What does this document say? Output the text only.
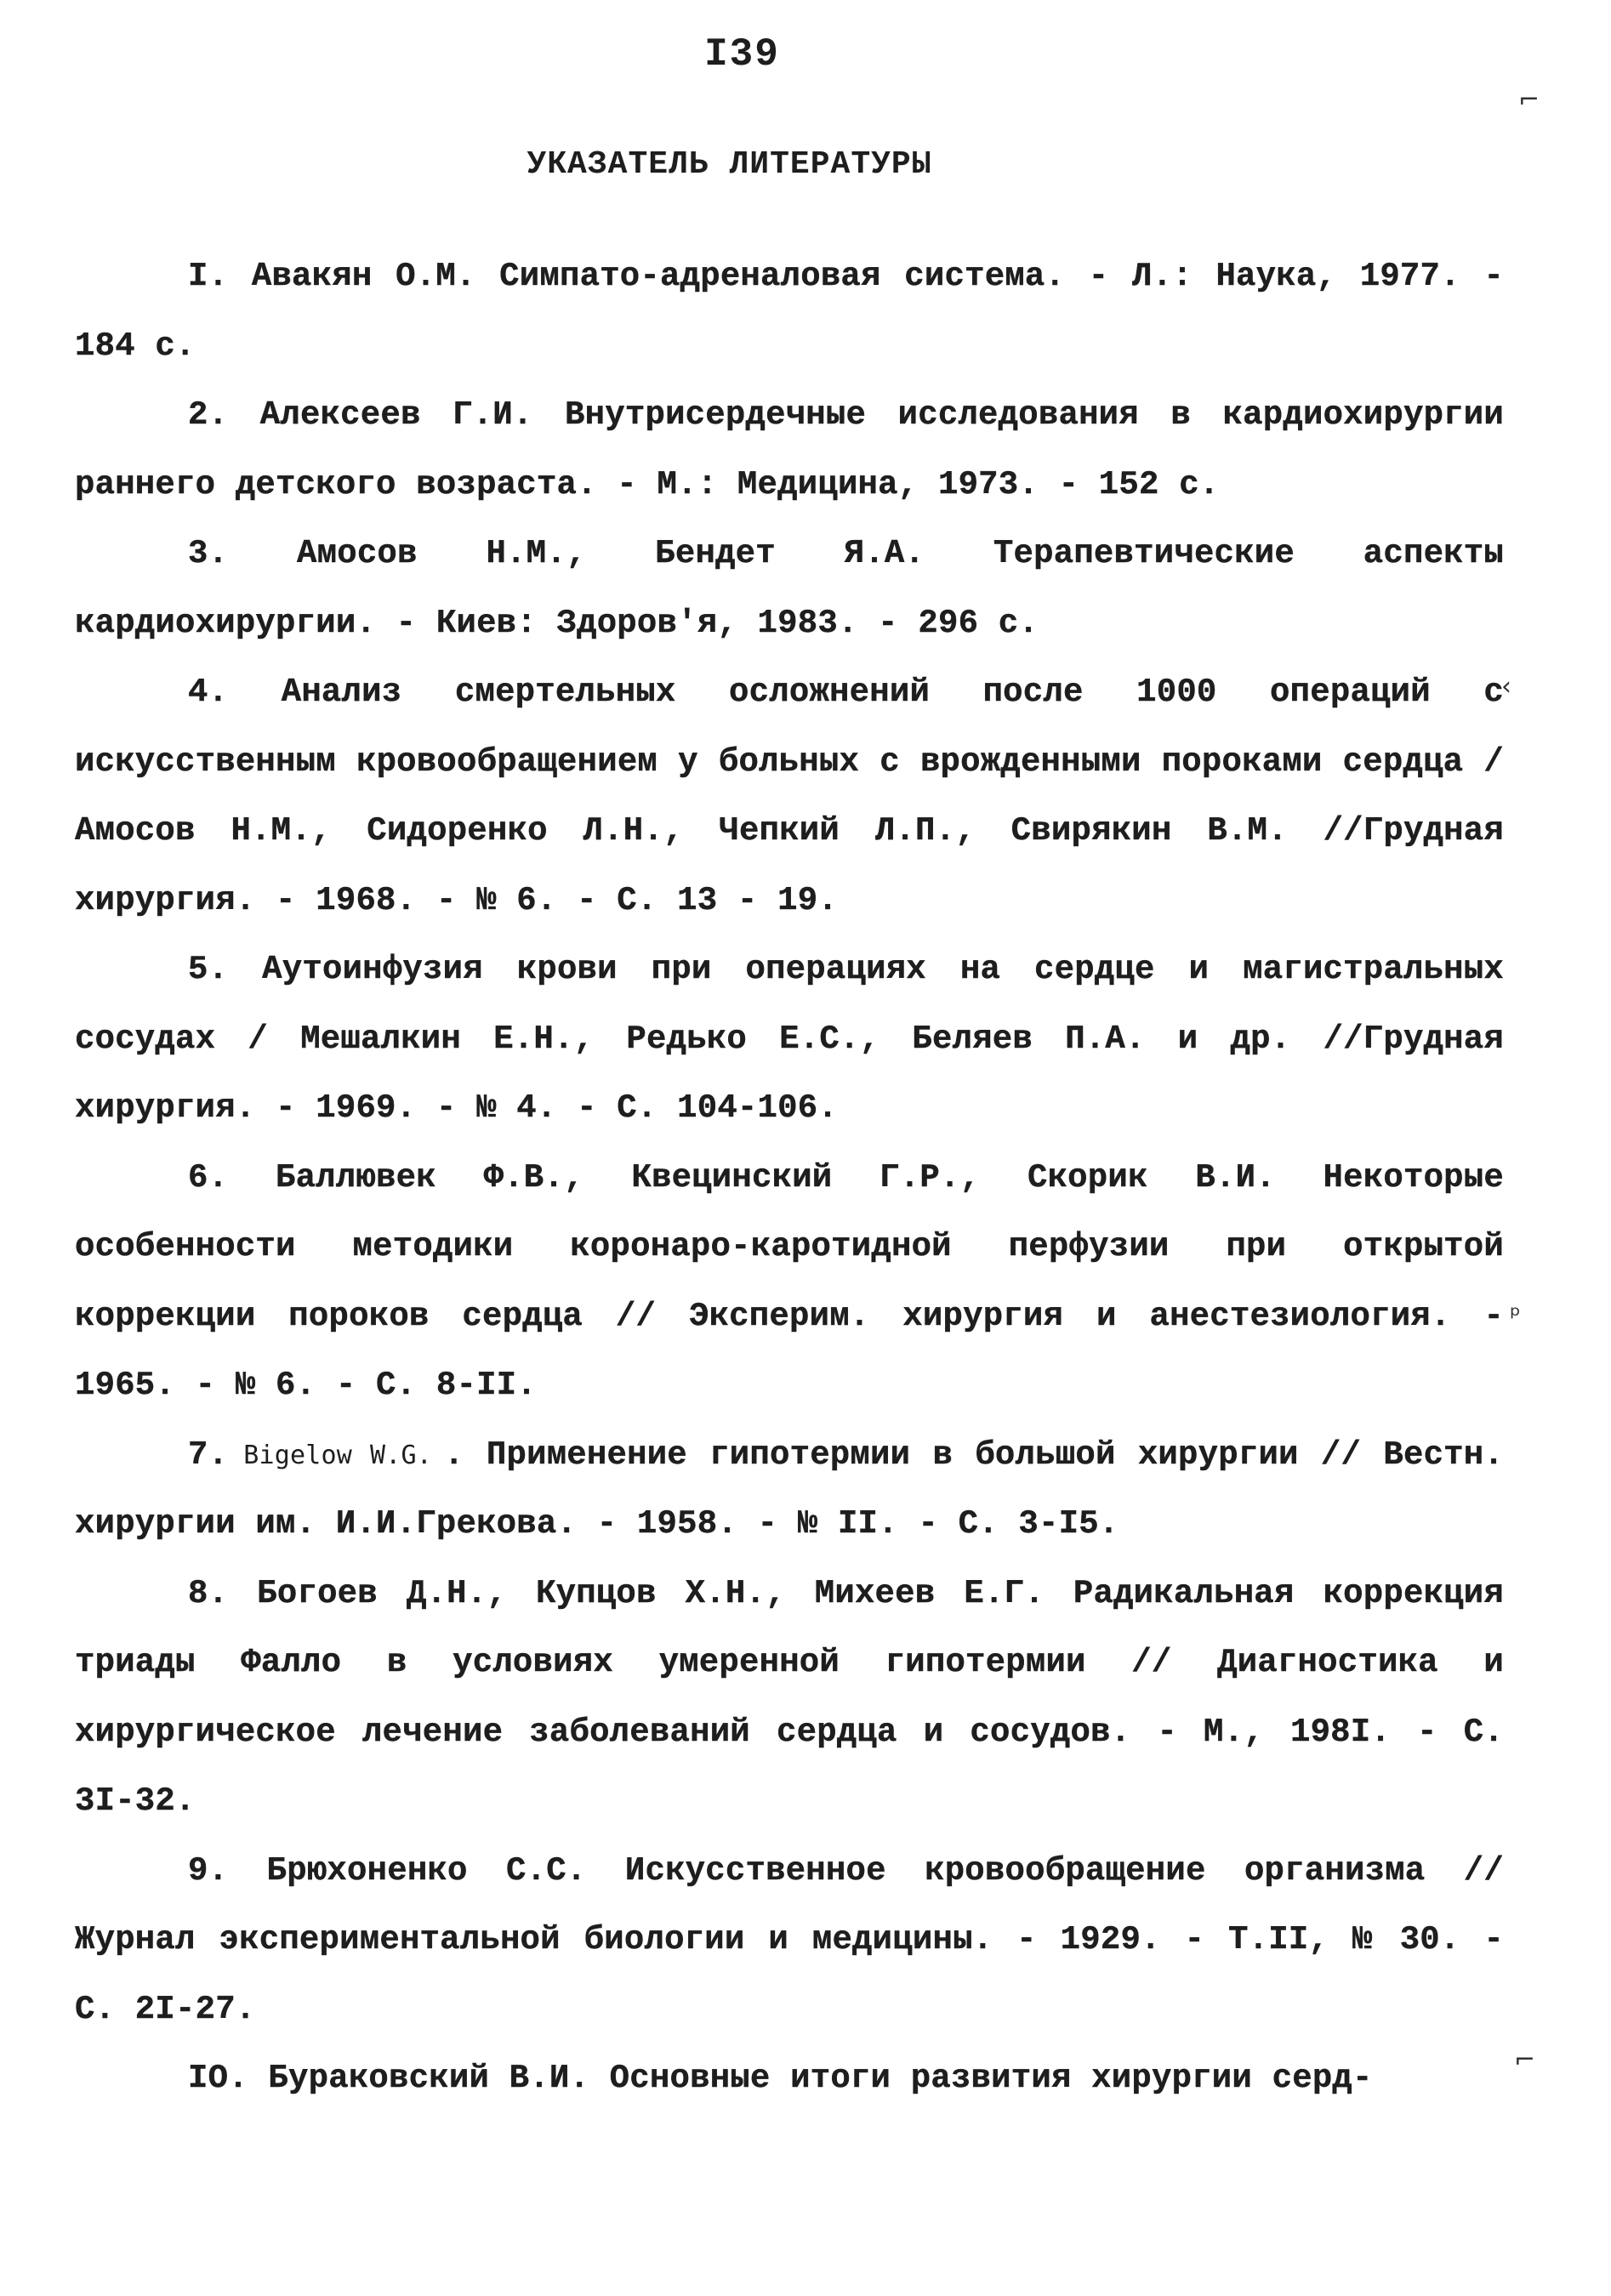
I39
УКАЗАТЕЛЬ ЛИТЕРАТУРЫ

I. Авакян О.М. Симпато-адреналовая система. - Л.: Наука, 1977. - 184 с.

2. Алексеев Г.И. Внутрисердечные исследования в кардиохирургии раннего детского возраста. - М.: Медицина, 1973. - 152 с.

3. Амосов Н.М., Бендет Я.А. Терапевтические аспекты кардиохирургии. - Киев: Здоров'я, 1983. - 296 с.

4. Анализ смертельных осложнений после 1000 операций с искусственным кровообращением у больных с врожденными пороками сердца / Амосов Н.М., Сидоренко Л.Н., Чепкий Л.П., Свирякин В.М. //Грудная хирургия. - 1968. - № 6. - С. 13 - 19.

5. Аутоинфузия крови при операциях на сердце и магистральных сосудах / Мешалкин Е.Н., Редько Е.С., Беляев П.А. и др. //Грудная хирургия. - 1969. - № 4. - С. 104-106.

6. Баллювек Ф.В., Квецинский Г.Р., Скорик В.И. Некоторые особенности методики коронаро-каротидной перфузии при открытой коррекции пороков сердца // Эксперим. хирургия и анестезиология. - 1965. - № 6. - С. 8-II.

7. Bigelow W.G. . Применение гипотермии в большой хирургии // Вестн. хирургии им. И.И.Грекова. - 1958. - № II. - С. 3-I5.

8. Богоев Д.Н., Купцов Х.Н., Михеев Е.Г. Радикальная коррекция триады Фалло в условиях умеренной гипотермии // Диагностика и хирургическое лечение заболеваний сердца и сосудов. - М., 198I. - С. 3I-32.

9. Брюхоненко С.С. Искусственное кровообращение организма // Журнал экспериментальной биологии и медицины. - 1929. - Т.II, № 30. - С. 2I-27.

IO. Бураковский В.И. Основные итоги развития хирургии серд-

⌐
‹
ᵖ
⌐
